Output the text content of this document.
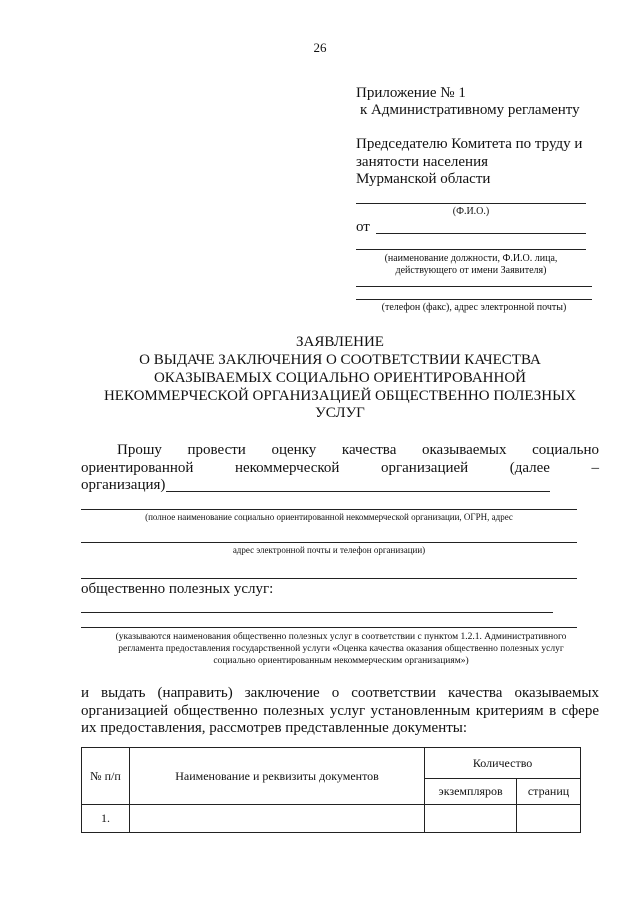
26
Приложение № 1
к Административному регламенту
Председателю Комитета по труду и
занятости населения
Мурманской области
(Ф.И.О.)
от
(наименование должности, Ф.И.О. лица,
действующего от имени Заявителя)
(телефон (факс), адрес электронной почты)
ЗАЯВЛЕНИЕ
О ВЫДАЧЕ ЗАКЛЮЧЕНИЯ О СООТВЕТСТВИИ КАЧЕСТВА
ОКАЗЫВАЕМЫХ СОЦИАЛЬНО ОРИЕНТИРОВАННОЙ
НЕКОММЕРЧЕСКОЙ ОРГАНИЗАЦИЕЙ ОБЩЕСТВЕННО ПОЛЕЗНЫХ
УСЛУГ
Прошу провести оценку качества оказываемых социально
ориентированной некоммерческой организацией (далее –
организация)
(полное наименование социально ориентированной некоммерческой организации, ОГРН, адрес
адрес электронной почты и телефон организации)
общественно полезных услуг:
(указываются наименования общественно полезных услуг в соответствии с пунктом 1.2.1. Административного
регламента предоставления государственной услуги «Оценка качества оказания общественно полезных услуг
социально ориентированным некоммерческим организациям»)
и выдать (направить) заключение о соответствии качества оказываемых
организацией общественно полезных услуг установленным критериям в сфере
их предоставления, рассмотрев представленные документы:
№ п/п	Наименование и реквизиты документов	Количество	
		экземпляров	страниц
1.			
